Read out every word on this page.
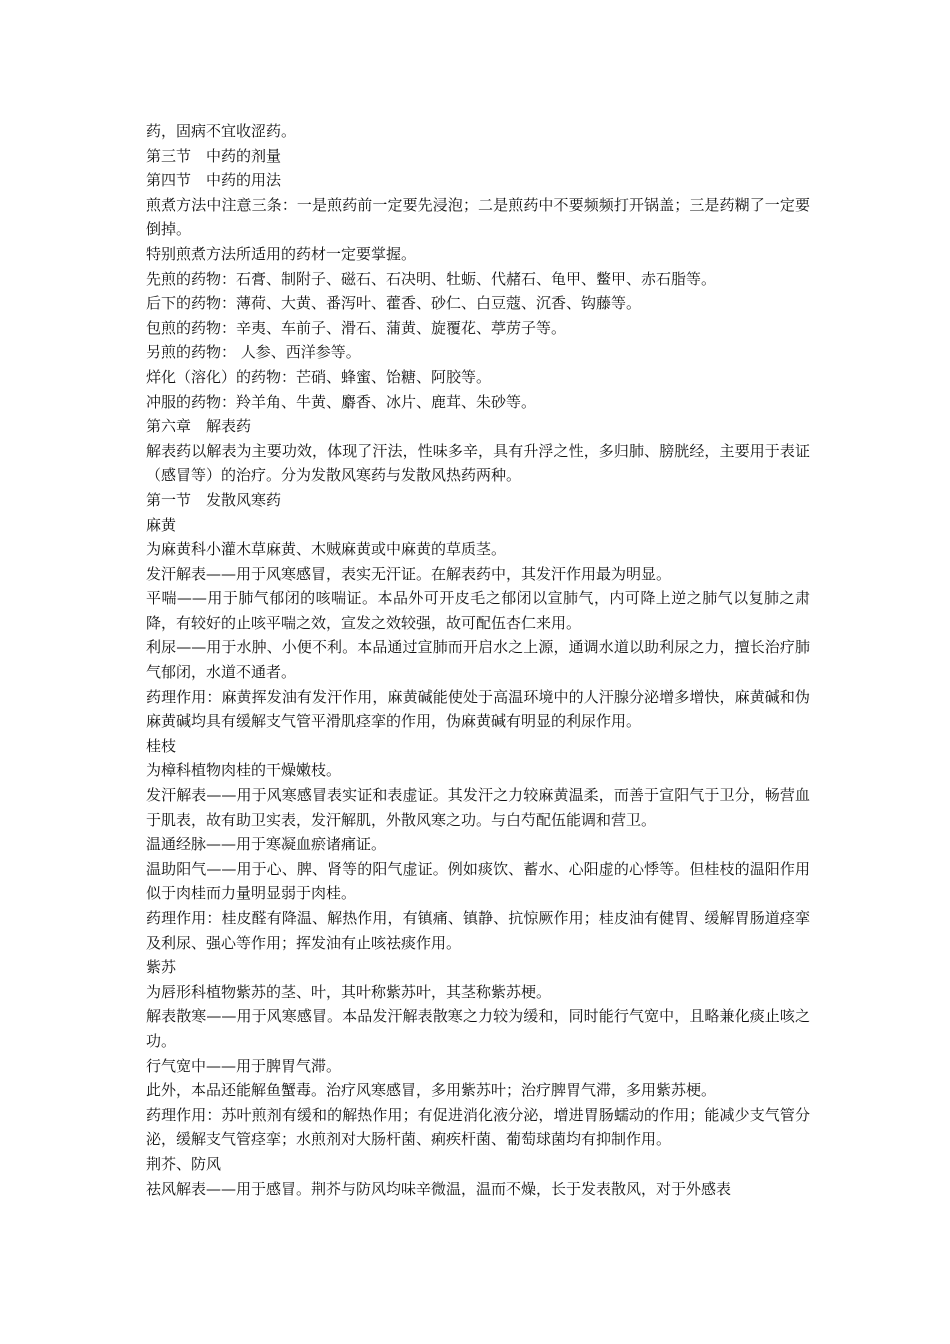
药，固病不宜收涩药。

第三节　中药的剂量

第四节　中药的用法

煎煮方法中注意三条：一是煎药前一定要先浸泡；二是煎药中不要频频打开锅盖；三是药糊了一定要倒掉。

特别煎煮方法所适用的药材一定要掌握。

先煎的药物：石膏、制附子、磁石、石决明、牡蛎、代赭石、龟甲、鳖甲、赤石脂等。

后下的药物：薄荷、大黄、番泻叶、藿香、砂仁、白豆蔻、沉香、钩藤等。

包煎的药物：辛夷、车前子、滑石、蒲黄、旋覆花、葶苈子等。

另煎的药物： 人参、西洋参等。

烊化（溶化）的药物：芒硝、蜂蜜、饴糖、阿胶等。

冲服的药物：羚羊角、牛黄、麝香、冰片、鹿茸、朱砂等。

第六章　解表药

解表药以解表为主要功效，体现了汗法，性味多辛，具有升浮之性，多归肺、膀胱经，主要用于表证（感冒等）的治疗。分为发散风寒药与发散风热药两种。

第一节　发散风寒药

麻黄

为麻黄科小灌木草麻黄、木贼麻黄或中麻黄的草质茎。

发汗解表——用于风寒感冒，表实无汗证。在解表药中，其发汗作用最为明显。

平喘——用于肺气郁闭的咳喘证。本品外可开皮毛之郁闭以宣肺气，内可降上逆之肺气以复肺之肃降，有较好的止咳平喘之效，宣发之效较强，故可配伍杏仁来用。

利尿——用于水肿、小便不利。本品通过宣肺而开启水之上源，通调水道以助利尿之力，擅长治疗肺气郁闭，水道不通者。

药理作用：麻黄挥发油有发汗作用，麻黄碱能使处于高温环境中的人汗腺分泌增多增快，麻黄碱和伪麻黄碱均具有缓解支气管平滑肌痉挛的作用，伪麻黄碱有明显的利尿作用。

桂枝

为樟科植物肉桂的干燥嫩枝。

发汗解表——用于风寒感冒表实证和表虚证。其发汗之力较麻黄温柔，而善于宣阳气于卫分，畅营血于肌表，故有助卫实表，发汗解肌，外散风寒之功。与白芍配伍能调和营卫。

温通经脉——用于寒凝血瘀诸痛证。

温助阳气——用于心、脾、肾等的阳气虚证。例如痰饮、蓄水、心阳虚的心悸等。但桂枝的温阳作用似于肉桂而力量明显弱于肉桂。

药理作用：桂皮醛有降温、解热作用，有镇痛、镇静、抗惊厥作用；桂皮油有健胃、缓解胃肠道痉挛及利尿、强心等作用；挥发油有止咳祛痰作用。

紫苏

为唇形科植物紫苏的茎、叶，其叶称紫苏叶，其茎称紫苏梗。

解表散寒——用于风寒感冒。本品发汗解表散寒之力较为缓和，同时能行气宽中，且略兼化痰止咳之功。

行气宽中——用于脾胃气滞。

此外，本品还能解鱼蟹毒。治疗风寒感冒，多用紫苏叶；治疗脾胃气滞，多用紫苏梗。

药理作用：苏叶煎剂有缓和的解热作用；有促进消化液分泌，增进胃肠蠕动的作用；能减少支气管分泌，缓解支气管痉挛；水煎剂对大肠杆菌、痢疾杆菌、葡萄球菌均有抑制作用。

荆芥、防风

祛风解表——用于感冒。荆芥与防风均味辛微温，温而不燥，长于发表散风，对于外感表
